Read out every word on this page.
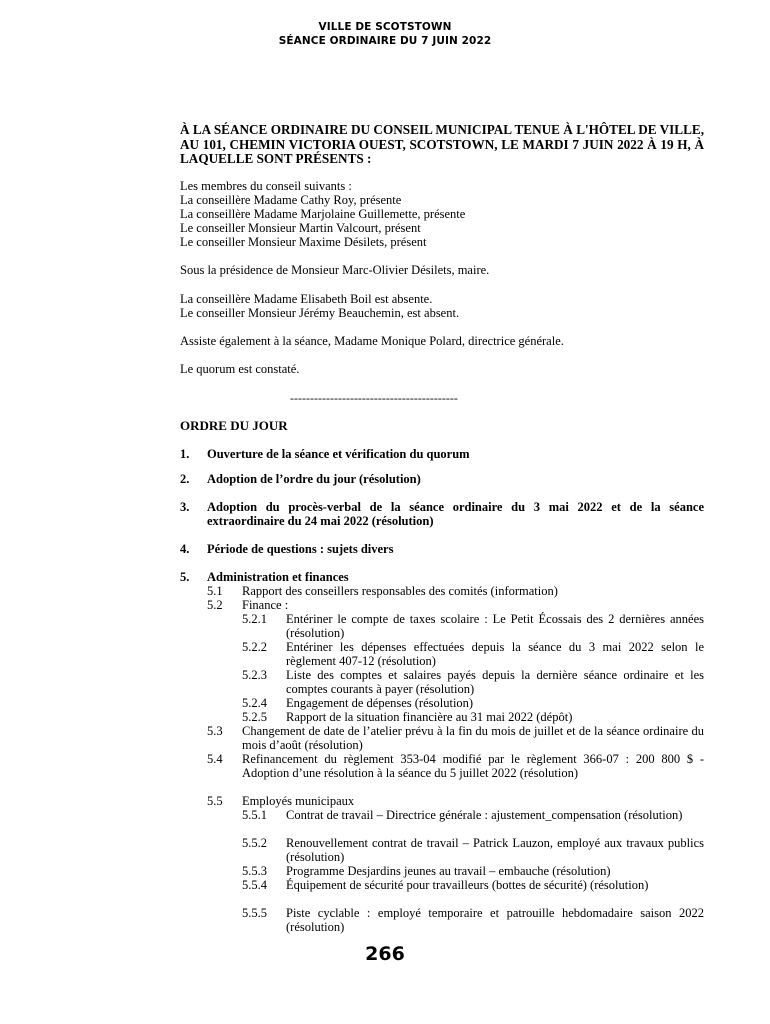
VILLE DE SCOTSTOWN
SÉANCE ORDINAIRE DU 7 JUIN 2022
À LA SÉANCE ORDINAIRE DU CONSEIL MUNICIPAL TENUE À L'HÔTEL DE VILLE, AU 101, CHEMIN VICTORIA OUEST, SCOTSTOWN, LE MARDI 7 JUIN 2022 À 19 H, À LAQUELLE SONT PRÉSENTS :
Les membres du conseil suivants :
La conseillère Madame Cathy Roy, présente
La conseillère Madame Marjolaine Guillemette, présente
Le conseiller Monsieur Martin Valcourt, présent
Le conseiller Monsieur Maxime Désilets, présent
Sous la présidence de Monsieur Marc-Olivier Désilets, maire.
La conseillère Madame Elisabeth Boil est absente.
Le conseiller Monsieur Jérémy Beauchemin, est absent.
Assiste également à la séance, Madame Monique Polard, directrice générale.
Le quorum est constaté.
------------------------------------------
ORDRE DU JOUR
1. Ouverture de la séance et vérification du quorum
2. Adoption de l’ordre du jour (résolution)
3. Adoption du procès-verbal de la séance ordinaire du 3 mai 2022 et de la séance extraordinaire du 24 mai 2022 (résolution)
4. Période de questions : sujets divers
5. Administration et finances
5.1 Rapport des conseillers responsables des comités (information)
5.2 Finance :
5.2.1 Entériner le compte de taxes scolaire : Le Petit Écossais des 2 dernières années (résolution)
5.2.2 Entériner les dépenses effectuées depuis la séance du 3 mai 2022 selon le règlement 407-12 (résolution)
5.2.3 Liste des comptes et salaires payés depuis la dernière séance ordinaire et les comptes courants à payer (résolution)
5.2.4 Engagement de dépenses (résolution)
5.2.5 Rapport de la situation financière au 31 mai 2022 (dépôt)
5.3 Changement de date de l’atelier prévu à la fin du mois de juillet et de la séance ordinaire du mois d’août (résolution)
5.4 Refinancement du règlement 353-04 modifié par le règlement 366-07 : 200 800 $ - Adoption d’une résolution à la séance du 5 juillet 2022 (résolution)
5.5 Employés municipaux
5.5.1 Contrat de travail – Directrice générale : ajustement_compensation (résolution)
5.5.2 Renouvellement contrat de travail – Patrick Lauzon, employé aux travaux publics (résolution)
5.5.3 Programme Desjardins jeunes au travail – embauche (résolution)
5.5.4 Équipement de sécurité pour travailleurs (bottes de sécurité) (résolution)
5.5.5 Piste cyclable : employé temporaire et patrouille hebdomadaire saison 2022 (résolution)
266
